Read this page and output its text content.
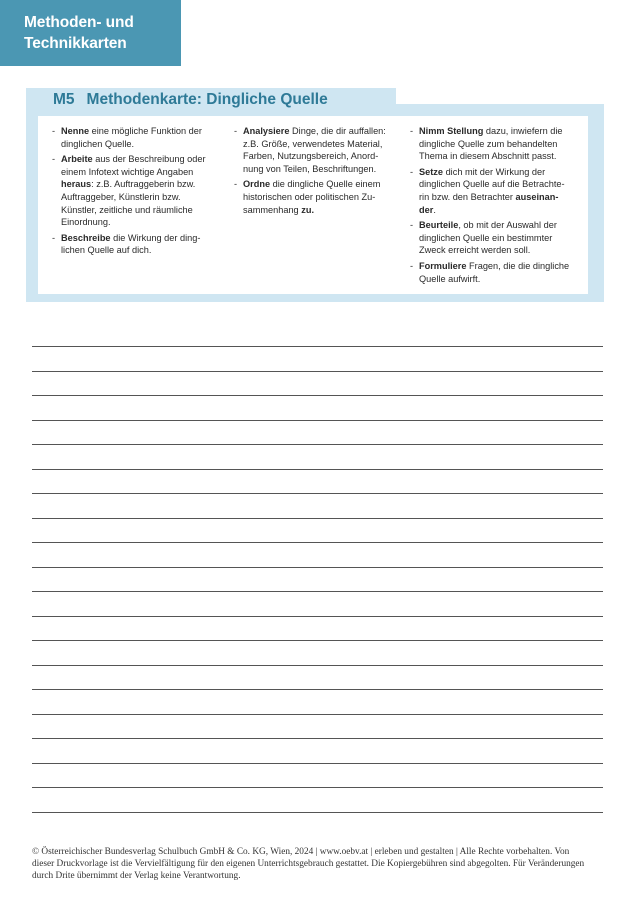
Methoden- und
Technikkarten
M5 Methodenkarte: Dingliche Quelle
- Nenne eine mögliche Funktion der
dinglichen Quelle.
- Arbeite aus der Beschreibung oder
einem Infotext wichtige Angaben
heraus: z.B. Auftraggeberin bzw.
Auftraggeber, Künstlerin bzw.
Künstler, zeitliche und räumliche
Einordnung.
- Beschreibe die Wirkung der ding-
lichen Quelle auf dich.
- Analysiere Dinge, die dir auffallen:
z.B. Größe, verwendetes Material,
Farben, Nutzungsbereich, Anord-
nung von Teilen, Beschriftungen.
- Ordne die dingliche Quelle einem
historischen oder politischen Zu-
sammenhang zu.
- Nimm Stellung dazu, inwiefern die
dingliche Quelle zum behandelten
Thema in diesem Abschnitt passt.
- Setze dich mit der Wirkung der
dinglichen Quelle auf die Betrachte-
rin bzw. den Betrachter auseinan-
der.
- Beurteile, ob mit der Auswahl der
dinglichen Quelle ein bestimmter
Zweck erreicht werden soll.
- Formuliere Fragen, die die dingliche
Quelle aufwirft.
© Österreichischer Bundesverlag Schulbuch GmbH & Co. KG, Wien, 2024 | www.oebv.at | erleben und gestalten | Alle Rechte vorbehalten. Von
dieser Druckvorlage ist die Vervielfältigung für den eigenen Unterrichtsgebrauch gestattet. Die Kopiergebühren sind abgegolten. Für Veränderungen
durch Drite übernimmt der Verlag keine Verantwortung.
